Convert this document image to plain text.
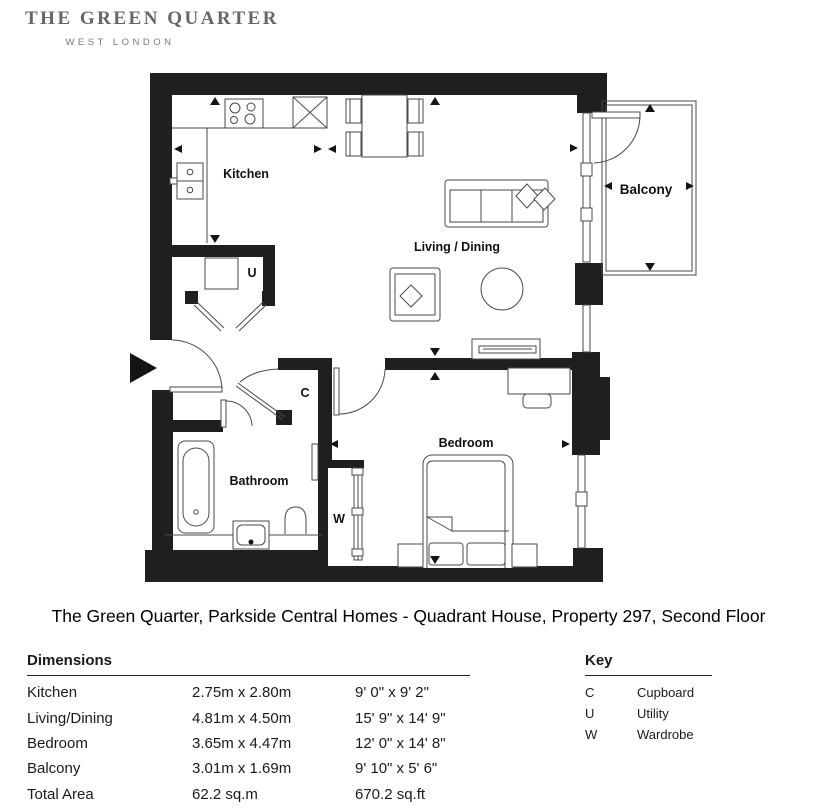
THE GREEN QUARTER
WEST LONDON
Kitchen
Living / Dining
Bedroom
Bathroom
Balcony
U
C
W
The Green Quarter, Parkside Central Homes - Quadrant House, Property 297, Second Floor
Dimensions
Kitchen	2.75m x 2.80m	9' 0" x 9' 2"
Living/Dining	4.81m x 4.50m	15' 9" x 14' 9"
Bedroom	3.65m x 4.47m	12' 0" x 14' 8"
Balcony	3.01m x 1.69m	9' 10" x 5' 6"
Total Area	62.2 sq.m	670.2 sq.ft
Key
C	Cupboard
U	Utility
W	Wardrobe
